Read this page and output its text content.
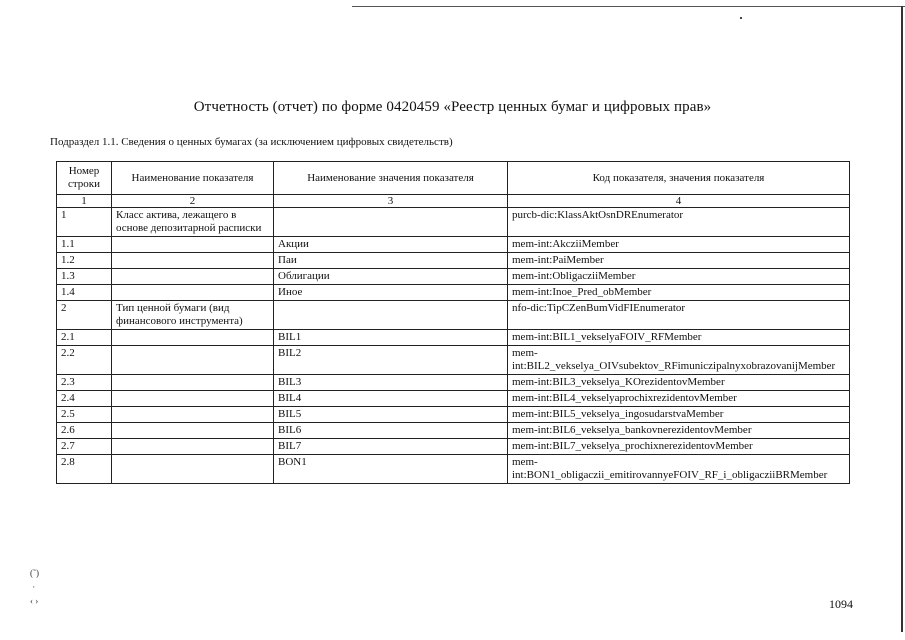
Отчетность (отчет) по форме 0420459 «Реестр ценных бумаг и цифровых прав»
Подраздел 1.1. Сведения о ценных бумагах (за исключением цифровых свидетельств)
Номер строки	Наименование показателя	Наименование значения показателя	Код показателя, значения показателя
1	2	3	4
1	Класс актива, лежащего в основе депозитарной расписки		purcb-dic:KlassAktOsnDREnumerator
1.1		Акции	mem-int:AkcziiMember
1.2		Паи	mem-int:PaiMember
1.3		Облигации	mem-int:ObligacziiMember
1.4		Иное	mem-int:Inoe_Pred_obMember
2	Тип ценной бумаги (вид финансового инструмента)		nfo-dic:TipCZenBumVidFIEnumerator
2.1		BIL1	mem-int:BIL1_vekselyaFOIV_RFMember
2.2		BIL2	mem-int:BIL2_vekselya_OIVsubektov_RFimuniczipalnyxobrazovanijMember
2.3		BIL3	mem-int:BIL3_vekselya_KOrezidentovMember
2.4		BIL4	mem-int:BIL4_vekselyaprochixrezidentovMember
2.5		BIL5	mem-int:BIL5_vekselya_ingosudarstvaMember
2.6		BIL6	mem-int:BIL6_vekselya_bankovnerezidentovMember
2.7		BIL7	mem-int:BIL7_vekselya_prochixnerezidentovMember
2.8		BON1	mem-int:BON1_obligaczii_emitirovannyeFOIV_RF_i_obligacziiBRMember
(˜)
·
‹ ›	1094
